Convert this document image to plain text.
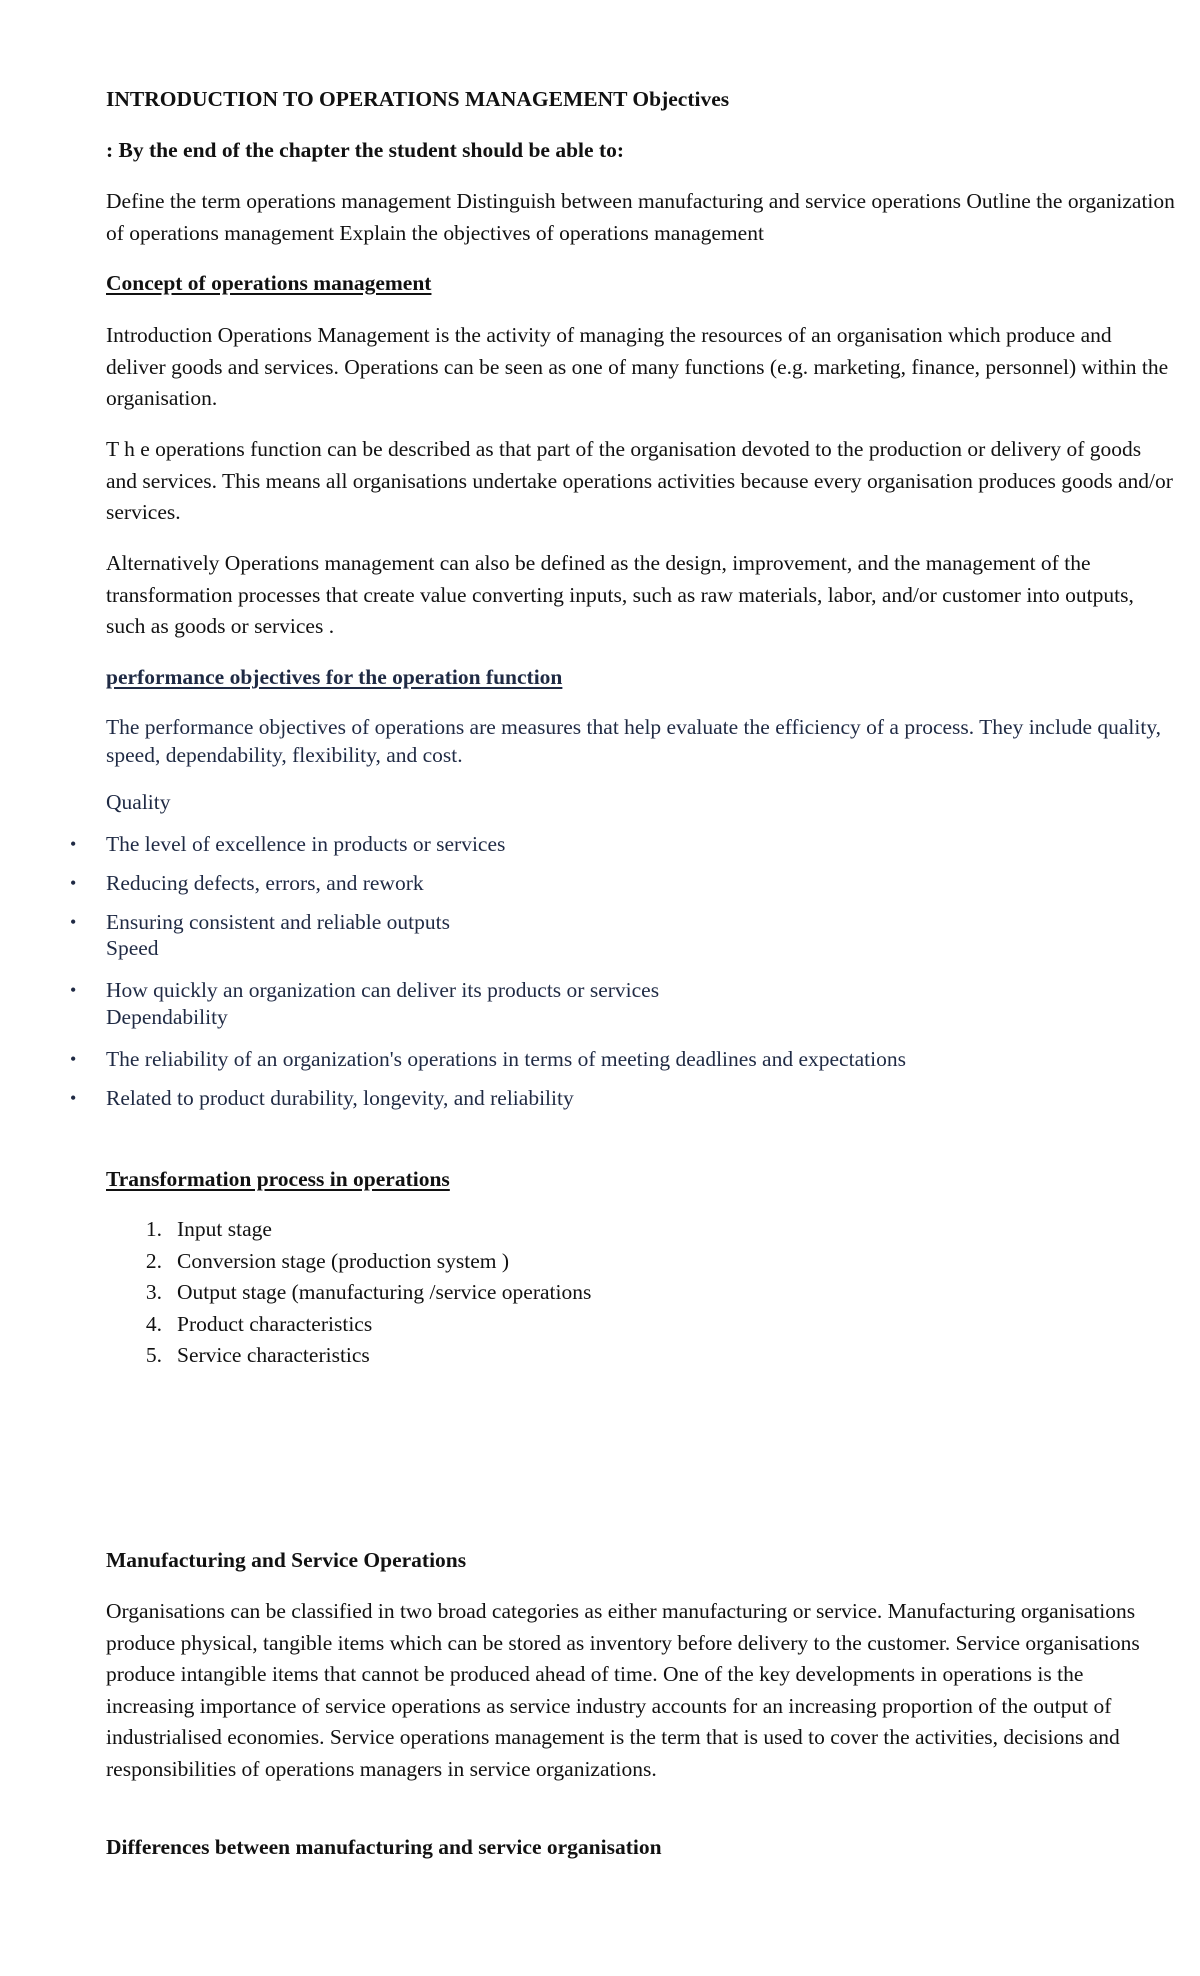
INTRODUCTION TO OPERATIONS MANAGEMENT Objectives

: By the end of the chapter the student should be able to:

Define the term operations management Distinguish between manufacturing and service operations Outline the organization of operations management Explain the objectives of operations management

Concept of operations management

Introduction Operations Management is the activity of managing the resources of an organisation which produce and deliver goods and services. Operations can be seen as one of many functions (e.g. marketing, finance, personnel) within the organisation.

T h e operations function can be described as that part of the organisation devoted to the production or delivery of goods and services. This means all organisations undertake operations activities because every organisation produces goods and/or services.

Alternatively Operations management can also be defined as the design, improvement, and the management of the transformation processes that create value converting inputs, such as raw materials, labor, and/or customer into outputs, such as goods or services .

performance objectives for the operation function

The performance objectives of operations are measures that help evaluate the efficiency of a process. They include quality, speed, dependability, flexibility, and cost.

Quality

• The level of excellence in products or services
• Reducing defects, errors, and rework
• Ensuring consistent and reliable outputs

Speed

• How quickly an organization can deliver its products or services

Dependability

• The reliability of an organization's operations in terms of meeting deadlines and expectations
• Related to product durability, longevity, and reliability

Transformation process in operations

1. Input stage
2. Conversion stage (production system )
3. Output stage (manufacturing /service operations
4. Product characteristics
5. Service characteristics

Manufacturing and Service Operations

Organisations can be classified in two broad categories as either manufacturing or service. Manufacturing organisations produce physical, tangible items which can be stored as inventory before delivery to the customer. Service organisations produce intangible items that cannot be produced ahead of time. One of the key developments in operations is the increasing importance of service operations as service industry accounts for an increasing proportion of the output of industrialised economies. Service operations management is the term that is used to cover the activities, decisions and responsibilities of operations managers in service organizations.

Differences between manufacturing and service organisation
